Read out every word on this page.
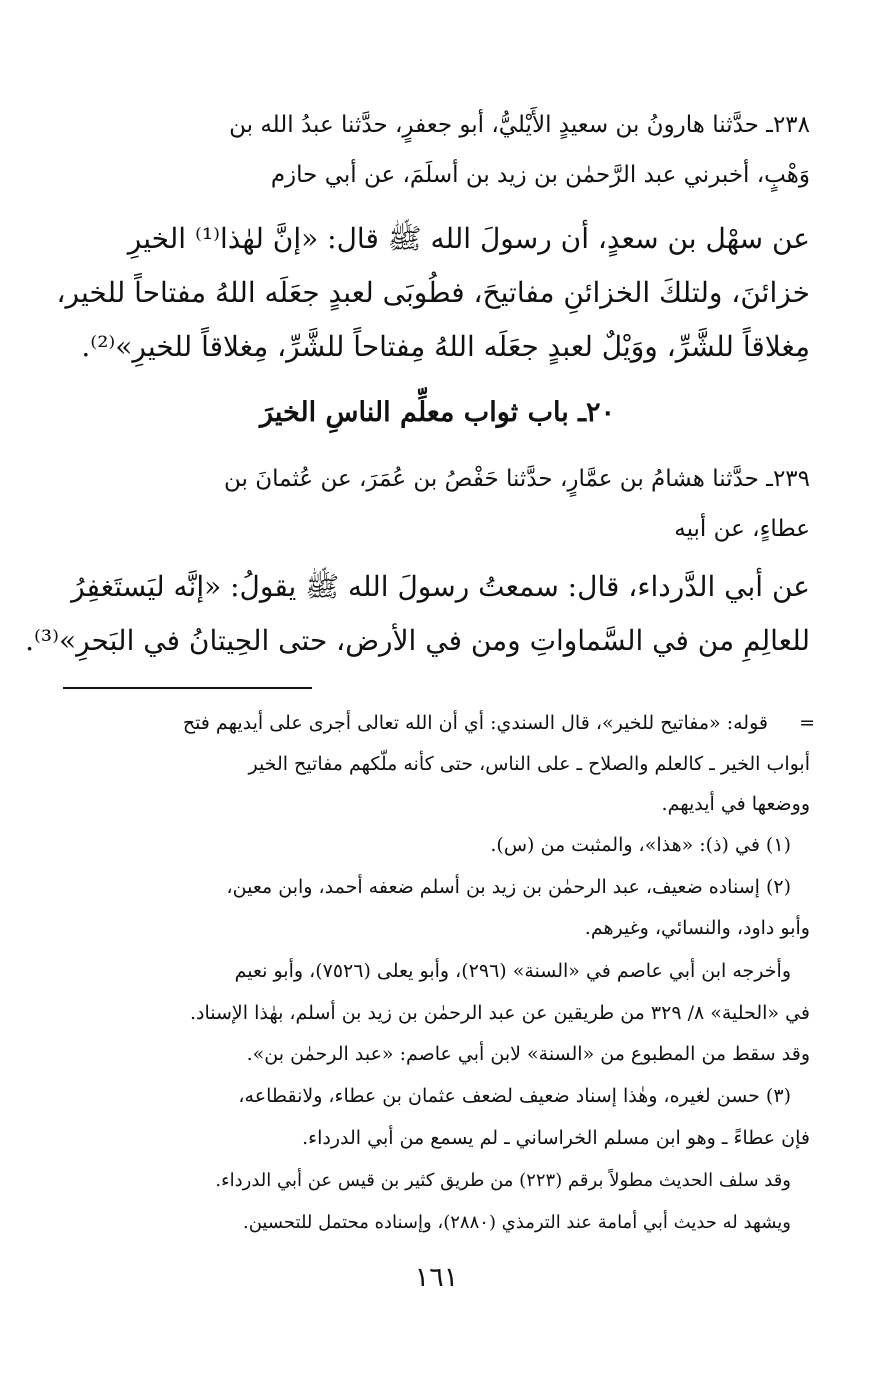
٢٣٨ـ حدَّثنا هارونُ بن سعيدٍ الأَيْليُّ، أبو جعفرٍ، حدَّثنا عبدُ الله بن
وَهْبٍ، أخبرني عبد الرَّحمٰن بن زيد بن أسلَمَ، عن أبي حازم
عن سهْل بن سعدٍ، أن رسولَ الله ﷺ قال: «إنَّ لهٰذا⁽¹⁾ الخيرِ
خزائنَ، ولتلكَ الخزائنِ مفاتيحَ، فطُوبَى لعبدٍ جعَلَه اللهُ مفتاحاً للخير،
مِغلاقاً للشَّرِّ، ووَيْلٌ لعبدٍ جعَلَه اللهُ مِفتاحاً للشَّرِّ، مِغلاقاً للخيرِ»⁽²⁾.
٢٠ـ باب ثواب معلِّم الناسِ الخيرَ
٢٣٩ـ حدَّثنا هشامُ بن عمَّارٍ، حدَّثنا حَفْصُ بن عُمَرَ، عن عُثمانَ بن
عطاءٍ، عن أبيه
عن أبي الدَّرداء، قال: سمعتُ رسولَ الله ﷺ يقولُ: «إنَّه ليَستَغفِرُ
للعالِمِ من في السَّماواتِ ومن في الأرض، حتى الحِيتانُ في البَحرِ»⁽³⁾.
=
قوله: «مفاتيح للخير»، قال السندي: أي أن الله تعالى أجرى على أيديهم فتح
أبواب الخير ـ كالعلم والصلاح ـ على الناس، حتى كأنه ملّكهم مفاتيح الخير
ووضعها في أيديهم.
(١) في (ذ): «هذا»، والمثبت من (س).
(٢) إسناده ضعيف، عبد الرحمٰن بن زيد بن أسلم ضعفه أحمد، وابن معين،
وأبو داود، والنسائي، وغيرهم.
وأخرجه ابن أبي عاصم في «السنة» (٢٩٦)، وأبو يعلى (٧٥٢٦)، وأبو نعيم
في «الحلية» ٨/ ٣٢٩ من طريقين عن عبد الرحمٰن بن زيد بن أسلم، بهٰذا الإسناد.
وقد سقط من المطبوع من «السنة» لابن أبي عاصم: «عبد الرحمٰن بن».
(٣) حسن لغيره، وهٰذا إسناد ضعيف لضعف عثمان بن عطاء، ولانقطاعه،
فإن عطاءً ـ وهو ابن مسلم الخراساني ـ لم يسمع من أبي الدرداء.
وقد سلف الحديث مطولاً برقم (٢٢٣) من طريق كثير بن قيس عن أبي الدرداء.
ويشهد له حديث أبي أمامة عند الترمذي (٢٨٨٠)، وإسناده محتمل للتحسين.
١٦١
